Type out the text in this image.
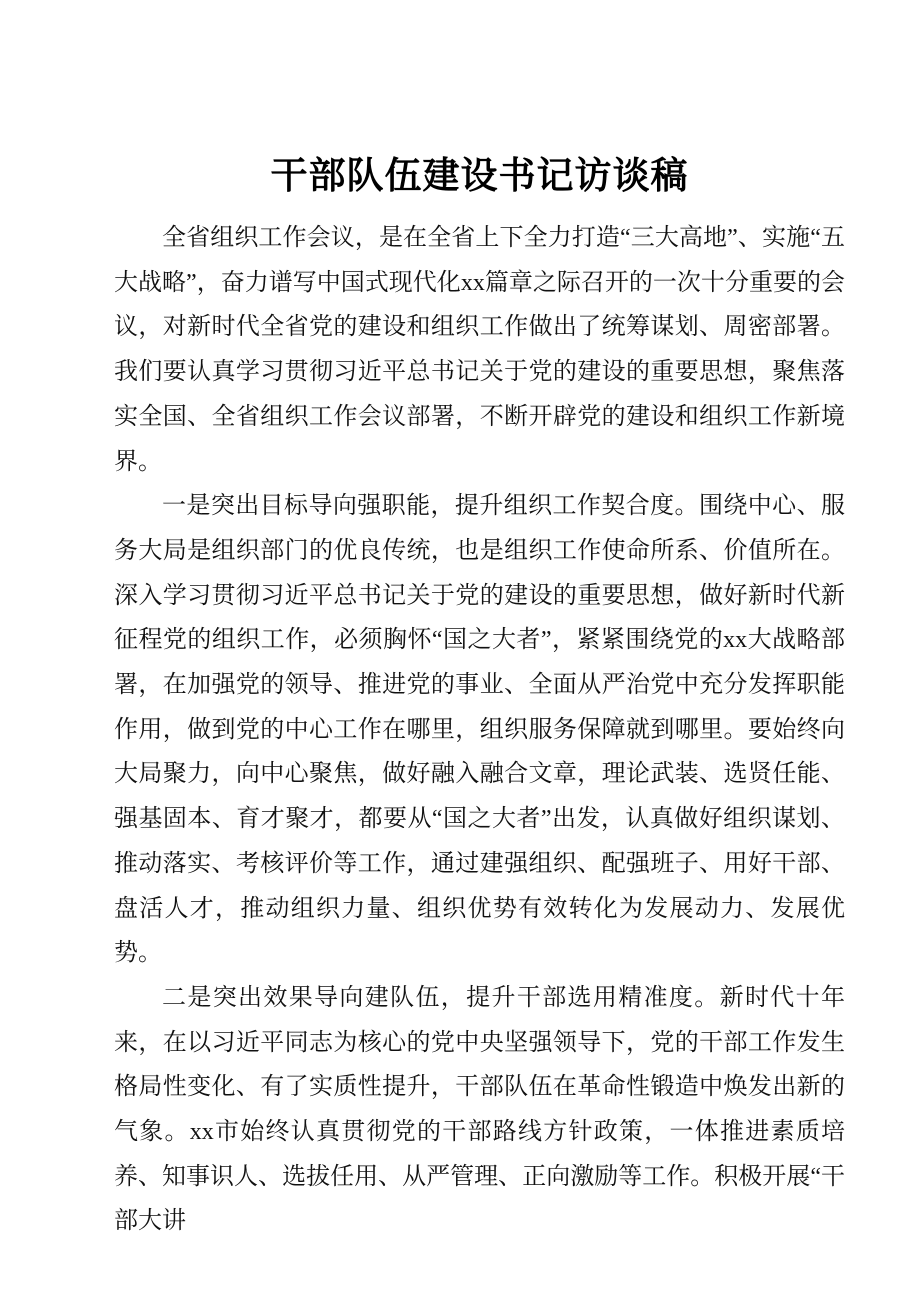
干部队伍建设书记访谈稿

全省组织工作会议，是在全省上下全力打造“三大高地”、实施“五大战略”，奋力谱写中国式现代化xx篇章之际召开的一次十分重要的会议，对新时代全省党的建设和组织工作做出了统筹谋划、周密部署。我们要认真学习贯彻习近平总书记关于党的建设的重要思想，聚焦落实全国、全省组织工作会议部署，不断开辟党的建设和组织工作新境界。

一是突出目标导向强职能，提升组织工作契合度。围绕中心、服务大局是组织部门的优良传统，也是组织工作使命所系、价值所在。深入学习贯彻习近平总书记关于党的建设的重要思想，做好新时代新征程党的组织工作，必须胸怀“国之大者”，紧紧围绕党的xx大战略部署，在加强党的领导、推进党的事业、全面从严治党中充分发挥职能作用，做到党的中心工作在哪里，组织服务保障就到哪里。要始终向大局聚力，向中心聚焦，做好融入融合文章，理论武装、选贤任能、强基固本、育才聚才，都要从“国之大者”出发，认真做好组织谋划、推动落实、考核评价等工作，通过建强组织、配强班子、用好干部、盘活人才，推动组织力量、组织优势有效转化为发展动力、发展优势。

二是突出效果导向建队伍，提升干部选用精准度。新时代十年来，在以习近平同志为核心的党中央坚强领导下，党的干部工作发生格局性变化、有了实质性提升，干部队伍在革命性锻造中焕发出新的气象。xx市始终认真贯彻党的干部路线方针政策，一体推进素质培养、知事识人、选拔任用、从严管理、正向激励等工作。积极开展“干部大讲
